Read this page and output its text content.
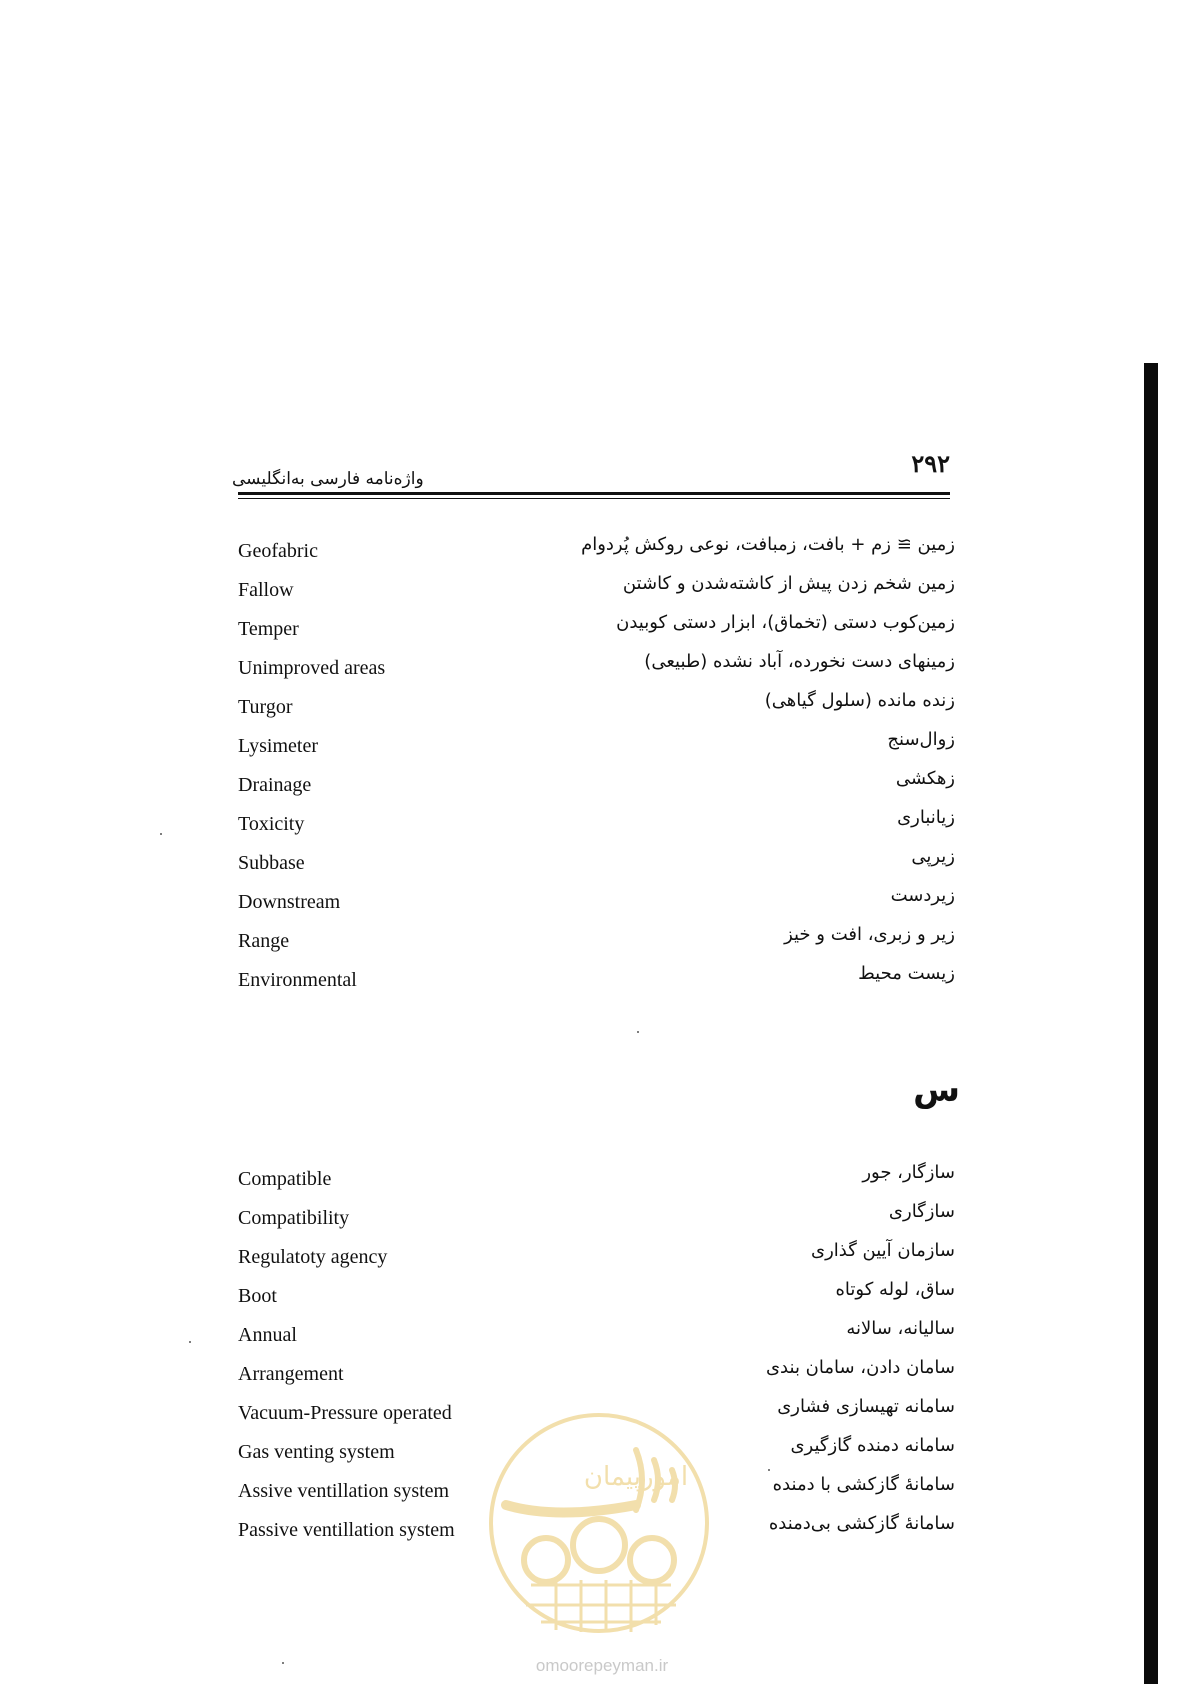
۲۹۲
واژه‌نامه فارسی به‌انگلیسی
زمین ≅ زم + بافت، زمبافت، نوعی روکش پُردوام
Geofabric
زمین شخم زدن پیش از کاشته‌شدن و کاشتن
Fallow
زمین‌کوب دستی (تخماق)، ابزار دستی کوبیدن
Temper
زمینهای دست نخورده، آباد نشده (طبیعی)
Unimproved areas
زنده مانده (سلول گیاهی)
Turgor
زوال‌سنج
Lysimeter
زهکشی
Drainage
زیانباری
Toxicity
زیرپی
Subbase
زیردست
Downstream
زیر و زبری، افت و خیز
Range
زیست محیط
Environmental
س
سازگار، جور
Compatible
سازگاری
Compatibility
سازمان آیین گذاری
Regulatoty agency
ساق، لوله کوتاه
Boot
سالیانه، سالانه
Annual
سامان دادن، سامان بندی
Arrangement
سامانه تهیسازی فشاری
Vacuum-Pressure operated
سامانه دمنده گازگیری
Gas venting system
سامانهٔ گازکشی با دمنده
Assive ventillation system
سامانهٔ گازکشی بی‌دمنده
Passive ventillation system
امورپیمان
omoorepeyman.ir
